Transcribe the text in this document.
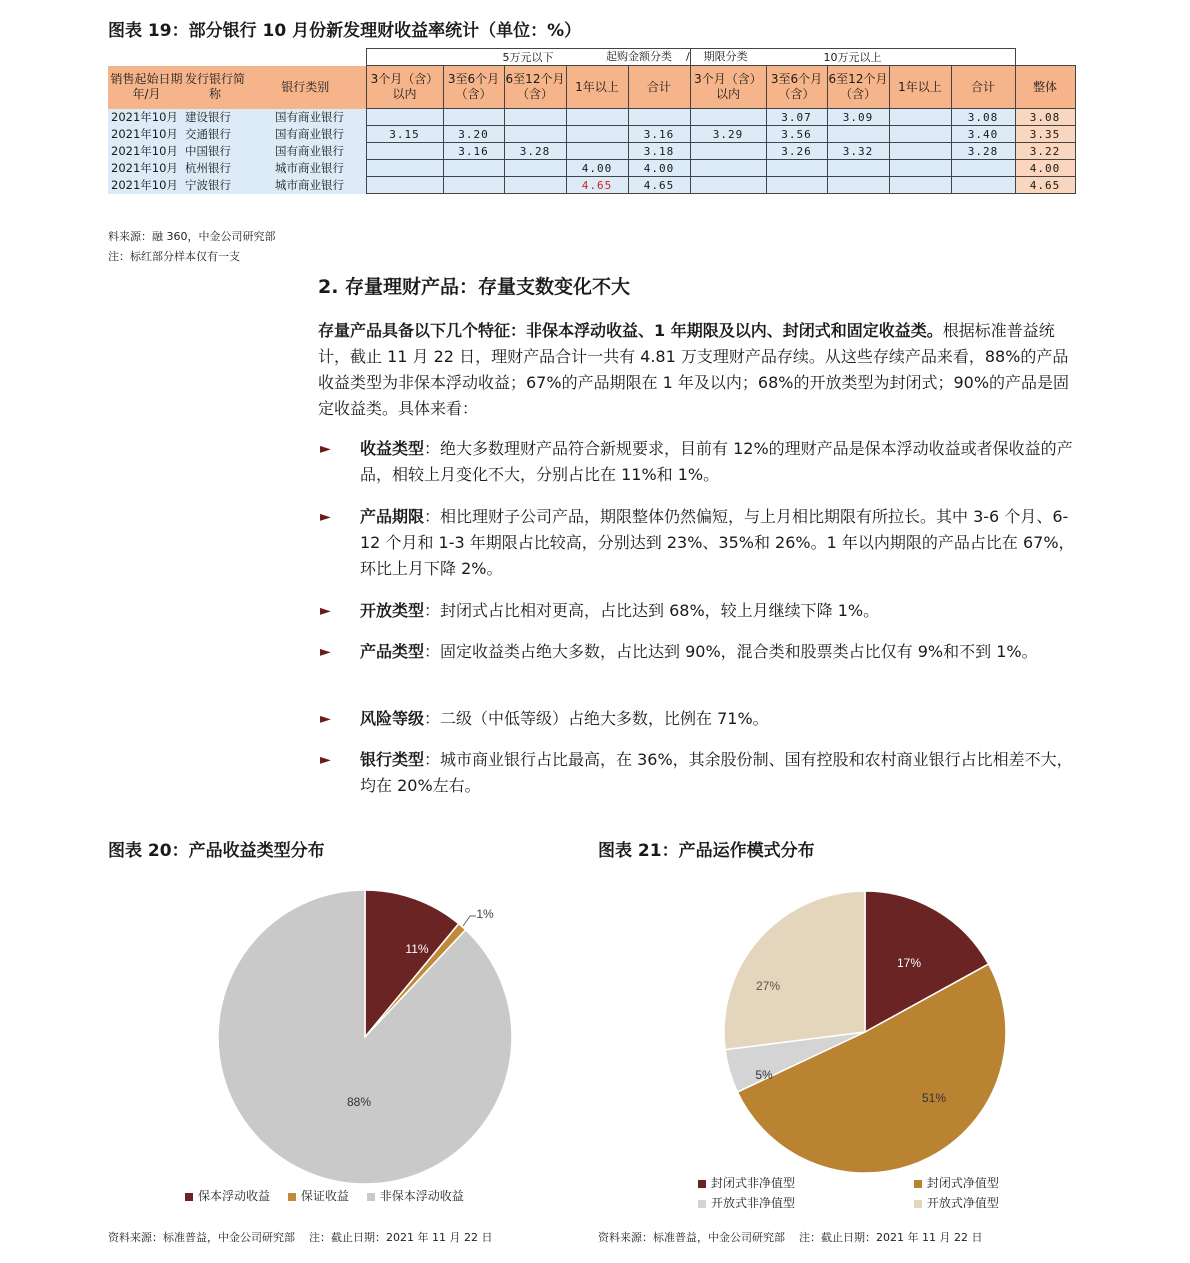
图表 19：部分银行 10 月份新发理财收益率统计（单位：%）
起购金额分类    /    期限分类
			5万元以下					10万元以上					
销售起始日期 年/月	发行银行简称	银行类别	3个月（含）以内	3至6个月（含）	6至12个月（含）	1年以上	合计	3个月（含）以内	3至6个月（含）	6至12个月（含）	1年以上	合计	整体
2021年10月	建设银行	国有商业银行							3.07	3.09		3.08	3.08
2021年10月	交通银行	国有商业银行	3.15	3.20			3.16	3.29	3.56			3.40	3.35
2021年10月	中国银行	国有商业银行		3.16	3.28		3.18		3.26	3.32		3.28	3.22
2021年10月	杭州银行	城市商业银行				4.00	4.00						4.00
2021年10月	宁波银行	城市商业银行				4.65	4.65						4.65
料来源：融 360，中金公司研究部
注：标红部分样本仅有一支
2. 存量理财产品：存量支数变化不大
存量产品具备以下几个特征：非保本浮动收益、1 年期限及以内、封闭式和固定收益类。根据标准普益统计，截止 11 月 22 日，理财产品合计一共有 4.81 万支理财产品存续。从这些存续产品来看，88%的产品收益类型为非保本浮动收益；67%的产品期限在 1 年及以内；68%的开放类型为封闭式；90%的产品是固定收益类。具体来看：
► 收益类型：绝大多数理财产品符合新规要求，目前有 12%的理财产品是保本浮动收益或者保收益的产品，相较上月变化不大，分别占比在 11%和 1%。
► 产品期限：相比理财子公司产品，期限整体仍然偏短，与上月相比期限有所拉长。其中 3-6 个月、6-12 个月和 1-3 年期限占比较高，分别达到 23%、35%和 26%。1 年以内期限的产品占比在 67%，环比上月下降 2%。
► 开放类型：封闭式占比相对更高，占比达到 68%，较上月继续下降 1%。
► 产品类型：固定收益类占绝大多数，占比达到 90%，混合类和股票类占比仅有 9%和不到 1%。
► 风险等级：二级（中低等级）占绝大多数，比例在 71%。
► 银行类型：城市商业银行占比最高，在 36%，其余股份制、国有控股和农村商业银行占比相差不大，均在 20%左右。
图表 20：产品收益类型分布
11%
1%
88%
保本浮动收益	保证收益	非保本浮动收益
资料来源：标准普益，中金公司研究部    注：截止日期：2021 年 11 月 22 日
图表 21：产品运作模式分布
17%
51%
5%
27%
封闭式非净值型	封闭式净值型
开放式非净值型	开放式净值型
资料来源：标准普益，中金公司研究部    注：截止日期：2021 年 11 月 22 日
